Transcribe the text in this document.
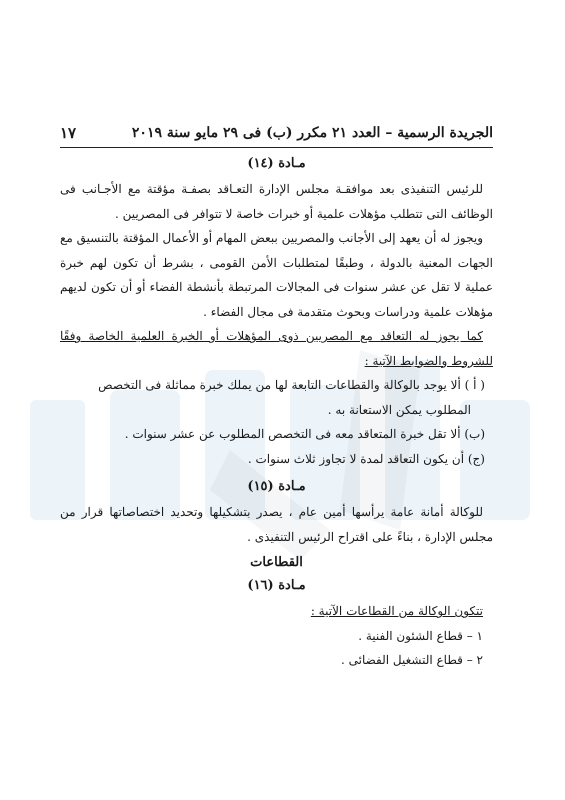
الجريدة الرسمية – العدد ٢١ مكرر (ب) فى ٢٩ مايو سنة ٢٠١٩
١٧
مـادة (١٤)

للرئيس التنفيذى بعد موافقـة مجلس الإدارة التعـاقد بصفـة مؤقتة مع الأجـانب فى الوظائف التى تتطلب مؤهلات علمية أو خبرات خاصة لا تتوافر فى المصريين .

ويجوز له أن يعهد إلى الأجانب والمصريين ببعض المهام أو الأعمال المؤقتة بالتنسيق مع الجهات المعنية بالدولة ، وطبقًا لمتطلبات الأمن القومى ، بشرط أن تكون لهم خبرة عملية لا تقل عن عشر سنوات فى المجالات المرتبطة بأنشطة الفضاء أو أن تكون لديهم مؤهلات علمية ودراسات وبحوث متقدمة فى مجال الفضاء .

كما يجوز له التعاقد مع المصريين ذوى المؤهلات أو الخبرة العلمية الخاصة وفقًا للشروط والضوابط الآتية :

( أ ) ألا يوجد بالوكالة والقطاعات التابعة لها من يملك خبرة مماثلة فى التخصص
المطلوب يمكن الاستعانة به .
(ب) ألا تقل خبرة المتعاقد معه فى التخصص المطلوب عن عشر سنوات .
(ج) أن يكون التعاقد لمدة لا تجاوز ثلاث سنوات .
مـادة (١٥)

للوكالة أمانة عامة يرأسها أمين عام ، يصدر بتشكيلها وتحديد اختصاصاتها قرار من مجلس الإدارة ، بناءً على اقتراح الرئيس التنفيذى .

القطاعات
مـادة (١٦)
تتكون الوكالة من القطاعات الآتية :
١ – قطاع الشئون الفنية .
٢ – قطاع التشغيل الفضائى .
